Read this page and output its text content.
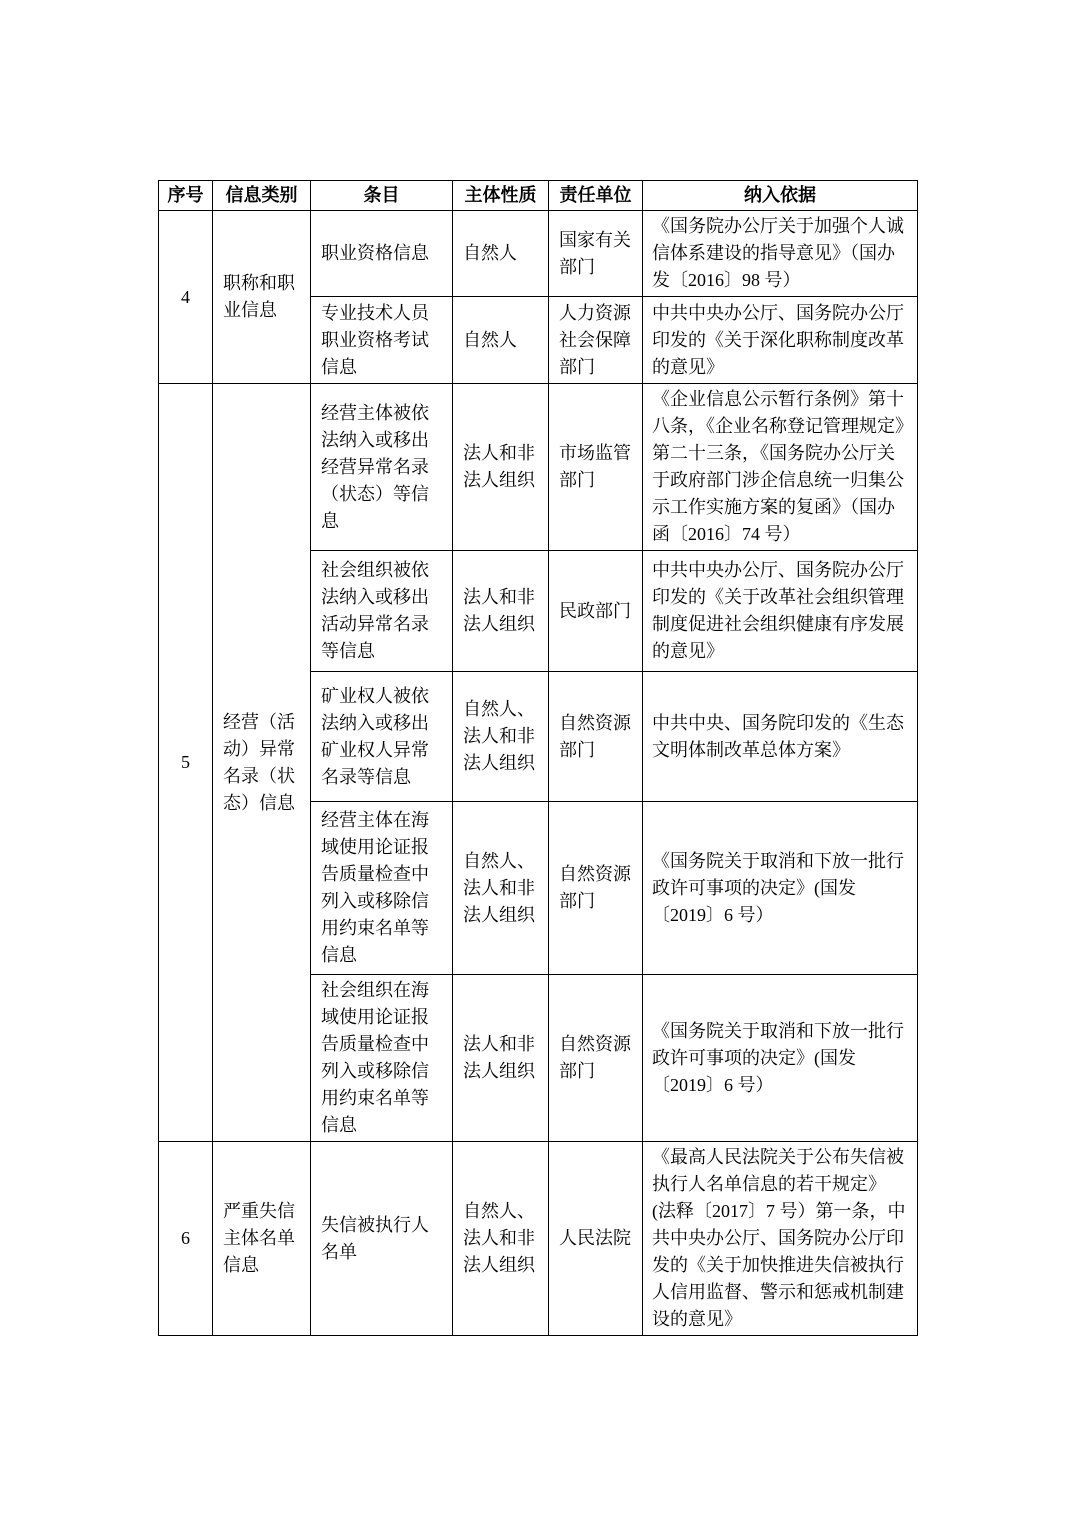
序号	信息类别	条目	主体性质	责任单位	纳入依据
4	职称和职业信息	职业资格信息	自然人	国家有关部门	《国务院办公厅关于加强个人诚信体系建设的指导意见》（国办发〔2016〕98 号）
		专业技术人员职业资格考试信息	自然人	人力资源社会保障部门	中共中央办公厅、国务院办公厅印发的《关于深化职称制度改革的意见》
5	经营（活动）异常名录（状态）信息	经营主体被依法纳入或移出经营异常名录（状态）等信息	法人和非法人组织	市场监管部门	《企业信息公示暂行条例》第十八条，《企业名称登记管理规定》第二十三条，《国务院办公厅关于政府部门涉企信息统一归集公示工作实施方案的复函》（国办函〔2016〕74 号）
		社会组织被依法纳入或移出活动异常名录等信息	法人和非法人组织	民政部门	中共中央办公厅、国务院办公厅印发的《关于改革社会组织管理制度促进社会组织健康有序发展的意见》
		矿业权人被依法纳入或移出矿业权人异常名录等信息	自然人、法人和非法人组织	自然资源部门	中共中央、国务院印发的《生态文明体制改革总体方案》
		经营主体在海域使用论证报告质量检查中列入或移除信用约束名单等信息	自然人、法人和非法人组织	自然资源部门	《国务院关于取消和下放一批行政许可事项的决定》(国发〔2019〕6 号）
		社会组织在海域使用论证报告质量检查中列入或移除信用约束名单等信息	法人和非法人组织	自然资源部门	《国务院关于取消和下放一批行政许可事项的决定》(国发〔2019〕6 号）
6	严重失信主体名单信息	失信被执行人名单	自然人、法人和非法人组织	人民法院	《最高人民法院关于公布失信被执行人名单信息的若干规定》(法释〔2017〕7 号）第一条，中共中央办公厅、国务院办公厅印发的《关于加快推进失信被执行人信用监督、警示和惩戒机制建设的意见》
